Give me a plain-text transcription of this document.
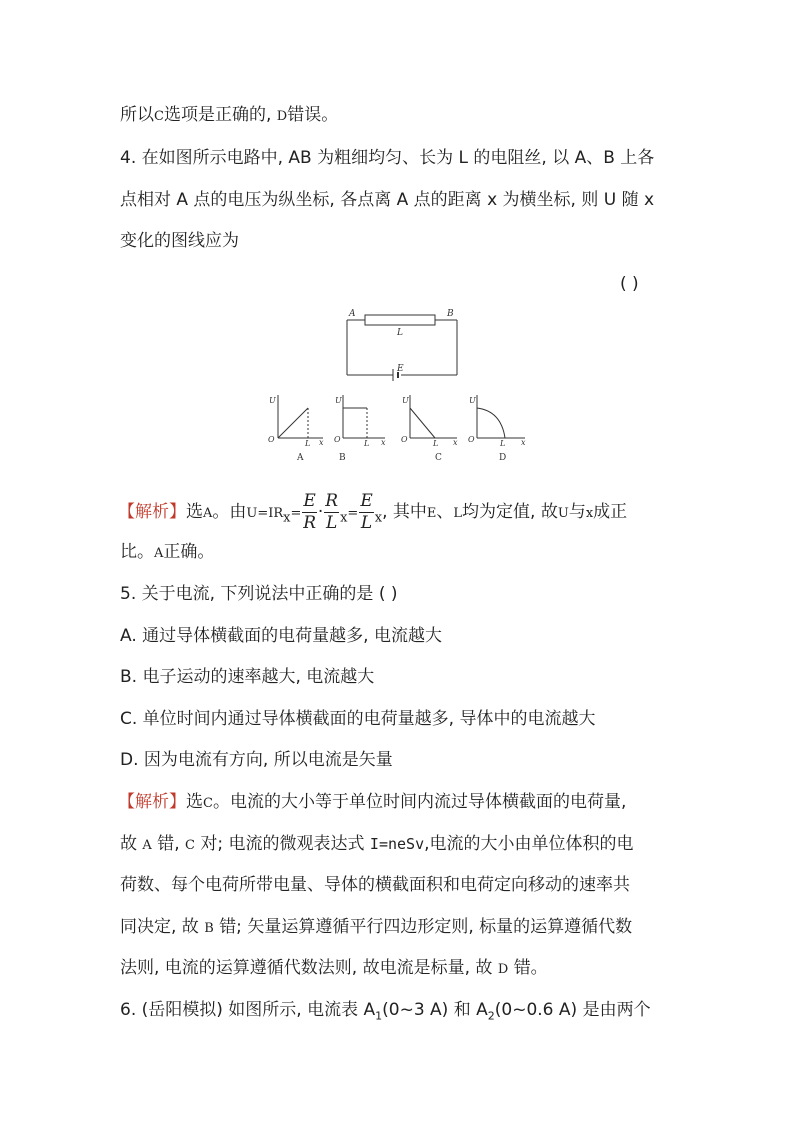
所以C选项是正确的, D错误。
4. 在如图所示电路中, AB 为粗细均匀、长为 L 的电阻丝, 以 A、B 上各
点相对 A 点的电压为纵坐标, 各点离 A 点的距离 x 为横坐标, 则 U 随 x
变化的图线应为
( )
A	B
L
E
U
O	L x
A
U
O	L x
B
U
O	L x
C
U
O	L x
D
【解析】选A。由$U=IR_x= \frac{E}{R} \cdot \frac{R}{L} _x= \frac{E}{L} _x$, 其中E、L均为定值, 故U与x成正
比。A正确。
5. 关于电流, 下列说法中正确的是 ( )
A. 通过导体横截面的电荷量越多, 电流越大
B. 电子运动的速率越大, 电流越大
C. 单位时间内通过导体横截面的电荷量越多, 导体中的电流越大
D. 因为电流有方向, 所以电流是矢量
【解析】选C。电流的大小等于单位时间内流过导体横截面的电荷量,
故 A 错, C 对; 电流的微观表达式 I=neSv,电流的大小由单位体积的电
荷数、每个电荷所带电量、导体的横截面积和电荷定向移动的速率共
同决定, 故 B 错; 矢量运算遵循平行四边形定则, 标量的运算遵循代数
法则, 电流的运算遵循代数法则, 故电流是标量, 故 D 错。
6. (岳阳模拟) 如图所示, 电流表 $A_1(0\sim 3$ A) 和 $A_2(0\sim 0.6$ A) 是由两个
